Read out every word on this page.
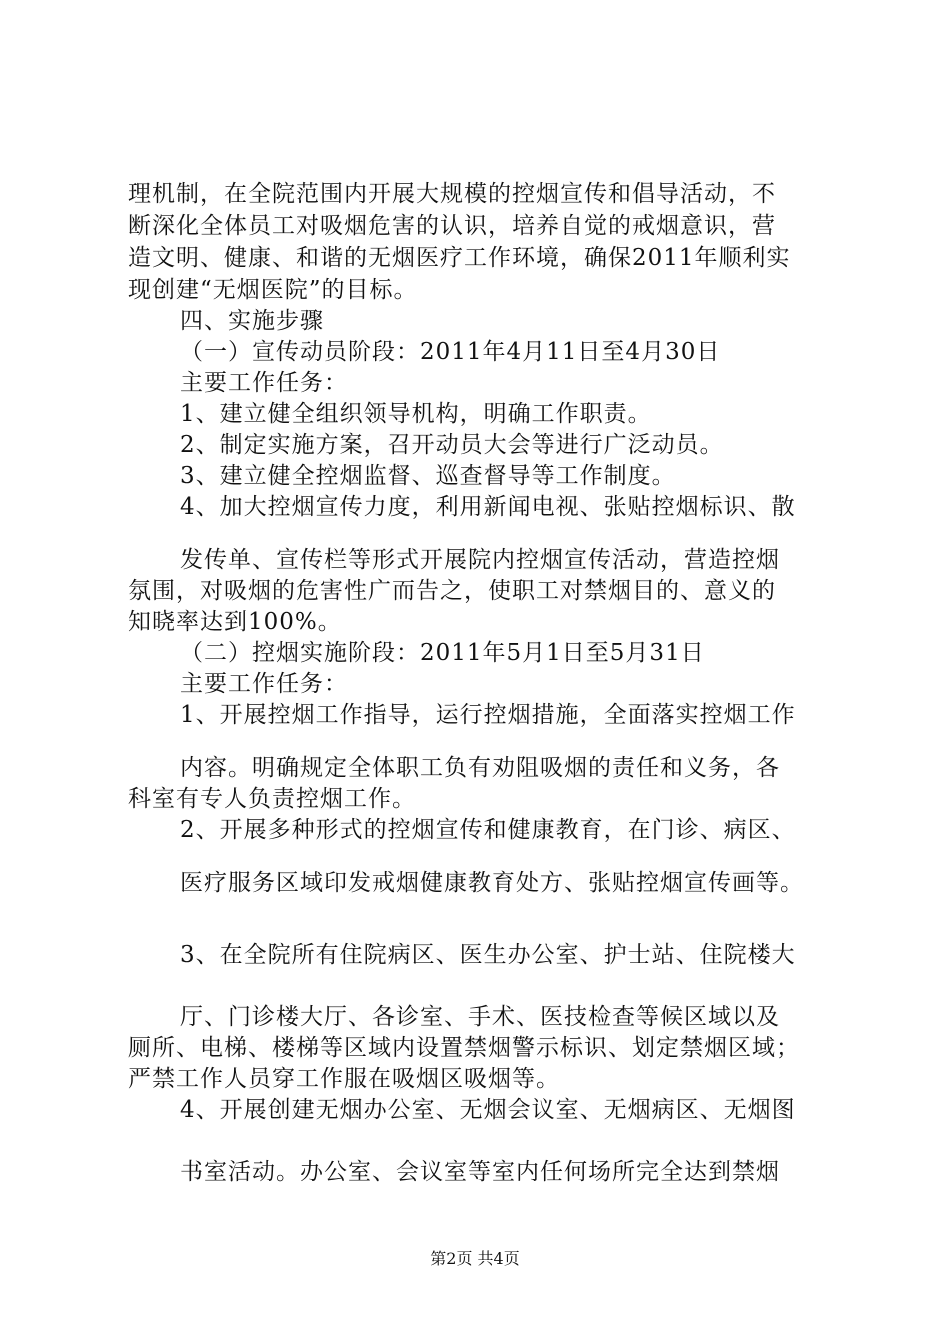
理机制，在全院范围内开展大规模的控烟宣传和倡导活动，不
断深化全体员工对吸烟危害的认识，培养自觉的戒烟意识，营
造文明、健康、和谐的无烟医疗工作环境，确保2011年顺利实
现创建“无烟医院”的目标。
四、实施步骤
（一）宣传动员阶段：2011年4月11日至4月30日
主要工作任务：
1、建立健全组织领导机构，明确工作职责。
2、制定实施方案，召开动员大会等进行广泛动员。
3、建立健全控烟监督、巡查督导等工作制度。
4、加大控烟宣传力度，利用新闻电视、张贴控烟标识、散
发传单、宣传栏等形式开展院内控烟宣传活动，营造控烟
氛围，对吸烟的危害性广而告之，使职工对禁烟目的、意义的
知晓率达到100%。
（二）控烟实施阶段：2011年5月1日至5月31日
主要工作任务：
1、开展控烟工作指导，运行控烟措施，全面落实控烟工作
内容。明确规定全体职工负有劝阻吸烟的责任和义务，各
科室有专人负责控烟工作。
2、开展多种形式的控烟宣传和健康教育，在门诊、病区、
医疗服务区域印发戒烟健康教育处方、张贴控烟宣传画等。
3、在全院所有住院病区、医生办公室、护士站、住院楼大
厅、门诊楼大厅、各诊室、手术、医技检查等候区域以及
厕所、电梯、楼梯等区域内设置禁烟警示标识、划定禁烟区域；
严禁工作人员穿工作服在吸烟区吸烟等。
4、开展创建无烟办公室、无烟会议室、无烟病区、无烟图
书室活动。办公室、会议室等室内任何场所完全达到禁烟
第2页 共4页
